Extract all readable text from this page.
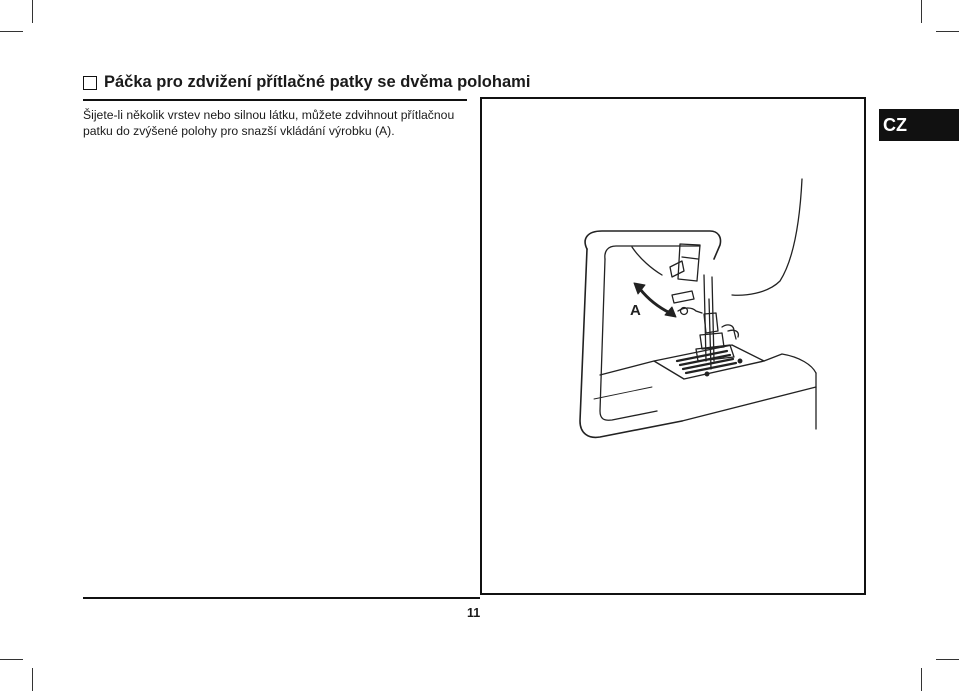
Páčka pro zdvižení přítlačné patky se dvěma polohami
Šijete-li několik vrstev nebo silnou látku, můžete zdvihnout přítlačnou
patku do zvýšené polohy pro snazší vkládání výrobku (A).
A
CZ
11
